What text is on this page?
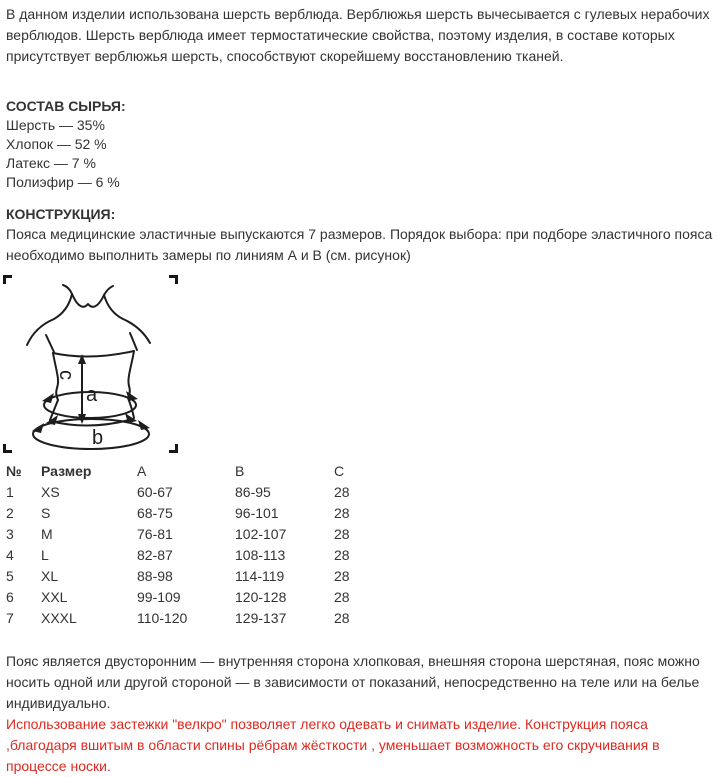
В данном изделии использована шерсть верблюда. Верблюжья шерсть вычесывается с гулевых нерабочих верблюдов. Шерсть верблюда имеет термостатические свойства, поэтому изделия, в составе которых присутствует верблюжья шерсть, способствуют скорейшему восстановлению тканей.

СОСТАВ СЫРЬЯ:

Шерсть — 35%
Хлопок — 52 %
Латекс — 7 %
Полиэфир — 6 %

КОНСТРУКЦИЯ:

Пояса медицинские эластичные выпускаются 7 размеров. Порядок выбора: при подборе эластичного пояса необходимо выполнить замеры по линиям А и В (см. рисунок)

c
a
b
№	Размер	A	B	C
1	XS	60-67	86-95	28
2	S	68-75	96-101	28
3	M	76-81	102-107	28
4	L	82-87	108-113	28
5	XL	88-98	114-119	28
6	XXL	99-109	120-128	28
7	XXXL	110-120	129-137	28

Пояс является двусторонним — внутренняя сторона хлопковая, внешняя сторона шерстяная, пояс можно носить одной или другой стороной — в зависимости от показаний, непосредственно на теле или на белье индивидуально.

Использование застежки "велкро" позволяет легко одевать и снимать изделие. Конструкция пояса ,благодаря вшитым в области спины рёбрам жёсткости , уменьшает возможность его скручивания в процессе носки.
